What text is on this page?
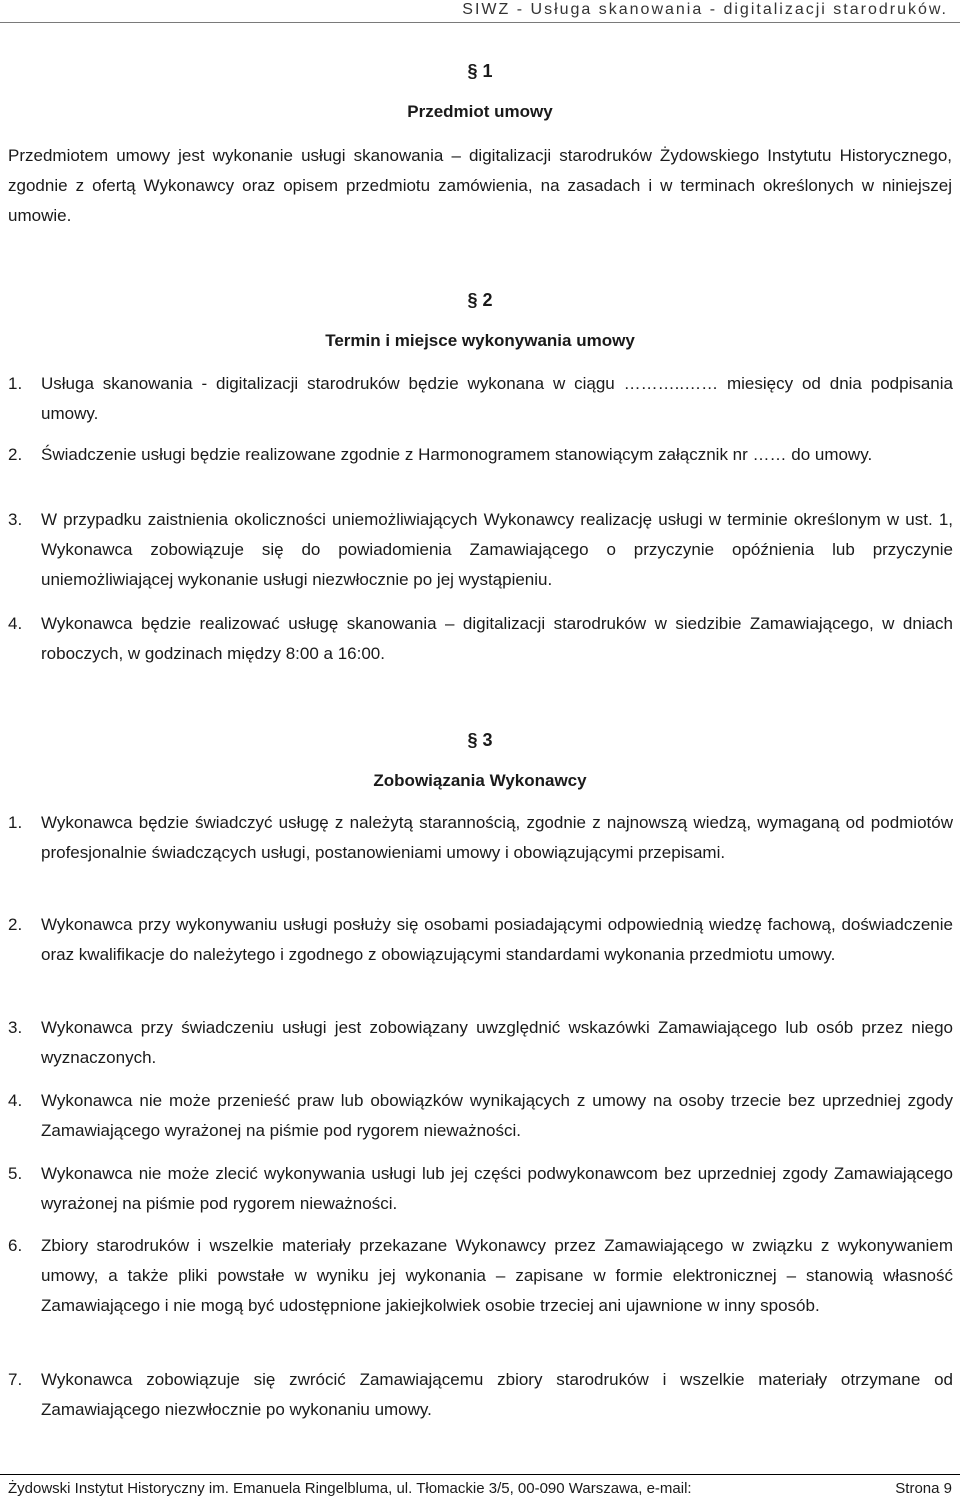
SIWZ - Usługa skanowania - digitalizacji starodruków.
§ 1
Przedmiot umowy
Przedmiotem umowy jest wykonanie usługi skanowania – digitalizacji starodruków Żydowskiego Instytutu Historycznego, zgodnie z ofertą Wykonawcy oraz opisem przedmiotu zamówienia, na zasadach i w terminach określonych w niniejszej umowie.
§ 2
Termin i miejsce wykonywania umowy
1.	Usługa skanowania - digitalizacji starodruków będzie wykonana w ciągu ………..…… miesięcy od dnia podpisania umowy.
2.	Świadczenie usługi będzie realizowane zgodnie z Harmonogramem stanowiącym załącznik nr …… do umowy.
3.	W przypadku zaistnienia okoliczności uniemożliwiających Wykonawcy realizację usługi w terminie określonym w ust. 1, Wykonawca zobowiązuje się do powiadomienia Zamawiającego o przyczynie opóźnienia lub przyczynie uniemożliwiającej wykonanie usługi niezwłocznie po jej wystąpieniu.
4.	Wykonawca będzie realizować usługę skanowania – digitalizacji starodruków w siedzibie Zamawiającego, w dniach roboczych, w godzinach między 8:00 a 16:00.
§ 3
Zobowiązania Wykonawcy
1.	Wykonawca będzie świadczyć usługę z należytą starannością, zgodnie z najnowszą wiedzą, wymaganą od podmiotów profesjonalnie świadczących usługi, postanowieniami umowy i obowiązującymi przepisami.
2.	Wykonawca przy wykonywaniu usługi posłuży się osobami posiadającymi odpowiednią wiedzę fachową, doświadczenie oraz kwalifikacje do należytego i zgodnego z obowiązującymi standardami wykonania przedmiotu umowy.
3.	Wykonawca przy świadczeniu usługi jest zobowiązany uwzględnić wskazówki Zamawiającego lub osób przez niego wyznaczonych.
4.	Wykonawca nie może przenieść praw lub obowiązków wynikających z umowy na osoby trzecie bez uprzedniej zgody Zamawiającego wyrażonej na piśmie pod rygorem nieważności.
5.	Wykonawca nie może zlecić wykonywania usługi lub jej części podwykonawcom bez uprzedniej zgody Zamawiającego wyrażonej na piśmie pod rygorem nieważności.
6.	Zbiory starodruków i wszelkie materiały przekazane Wykonawcy przez Zamawiającego w związku z wykonywaniem umowy, a także pliki powstałe w wyniku jej wykonania – zapisane w formie elektronicznej – stanowią własność Zamawiającego i nie mogą być udostępnione jakiejkolwiek osobie trzeciej ani ujawnione w inny sposób.
7.	Wykonawca zobowiązuje się zwrócić Zamawiającemu zbiory starodruków i wszelkie materiały otrzymane od Zamawiającego niezwłocznie po wykonaniu umowy.
Żydowski Instytut Historyczny im. Emanuela Ringelbluma, ul. Tłomackie 3/5, 00-090 Warszawa, e-mail:	Strona 9
